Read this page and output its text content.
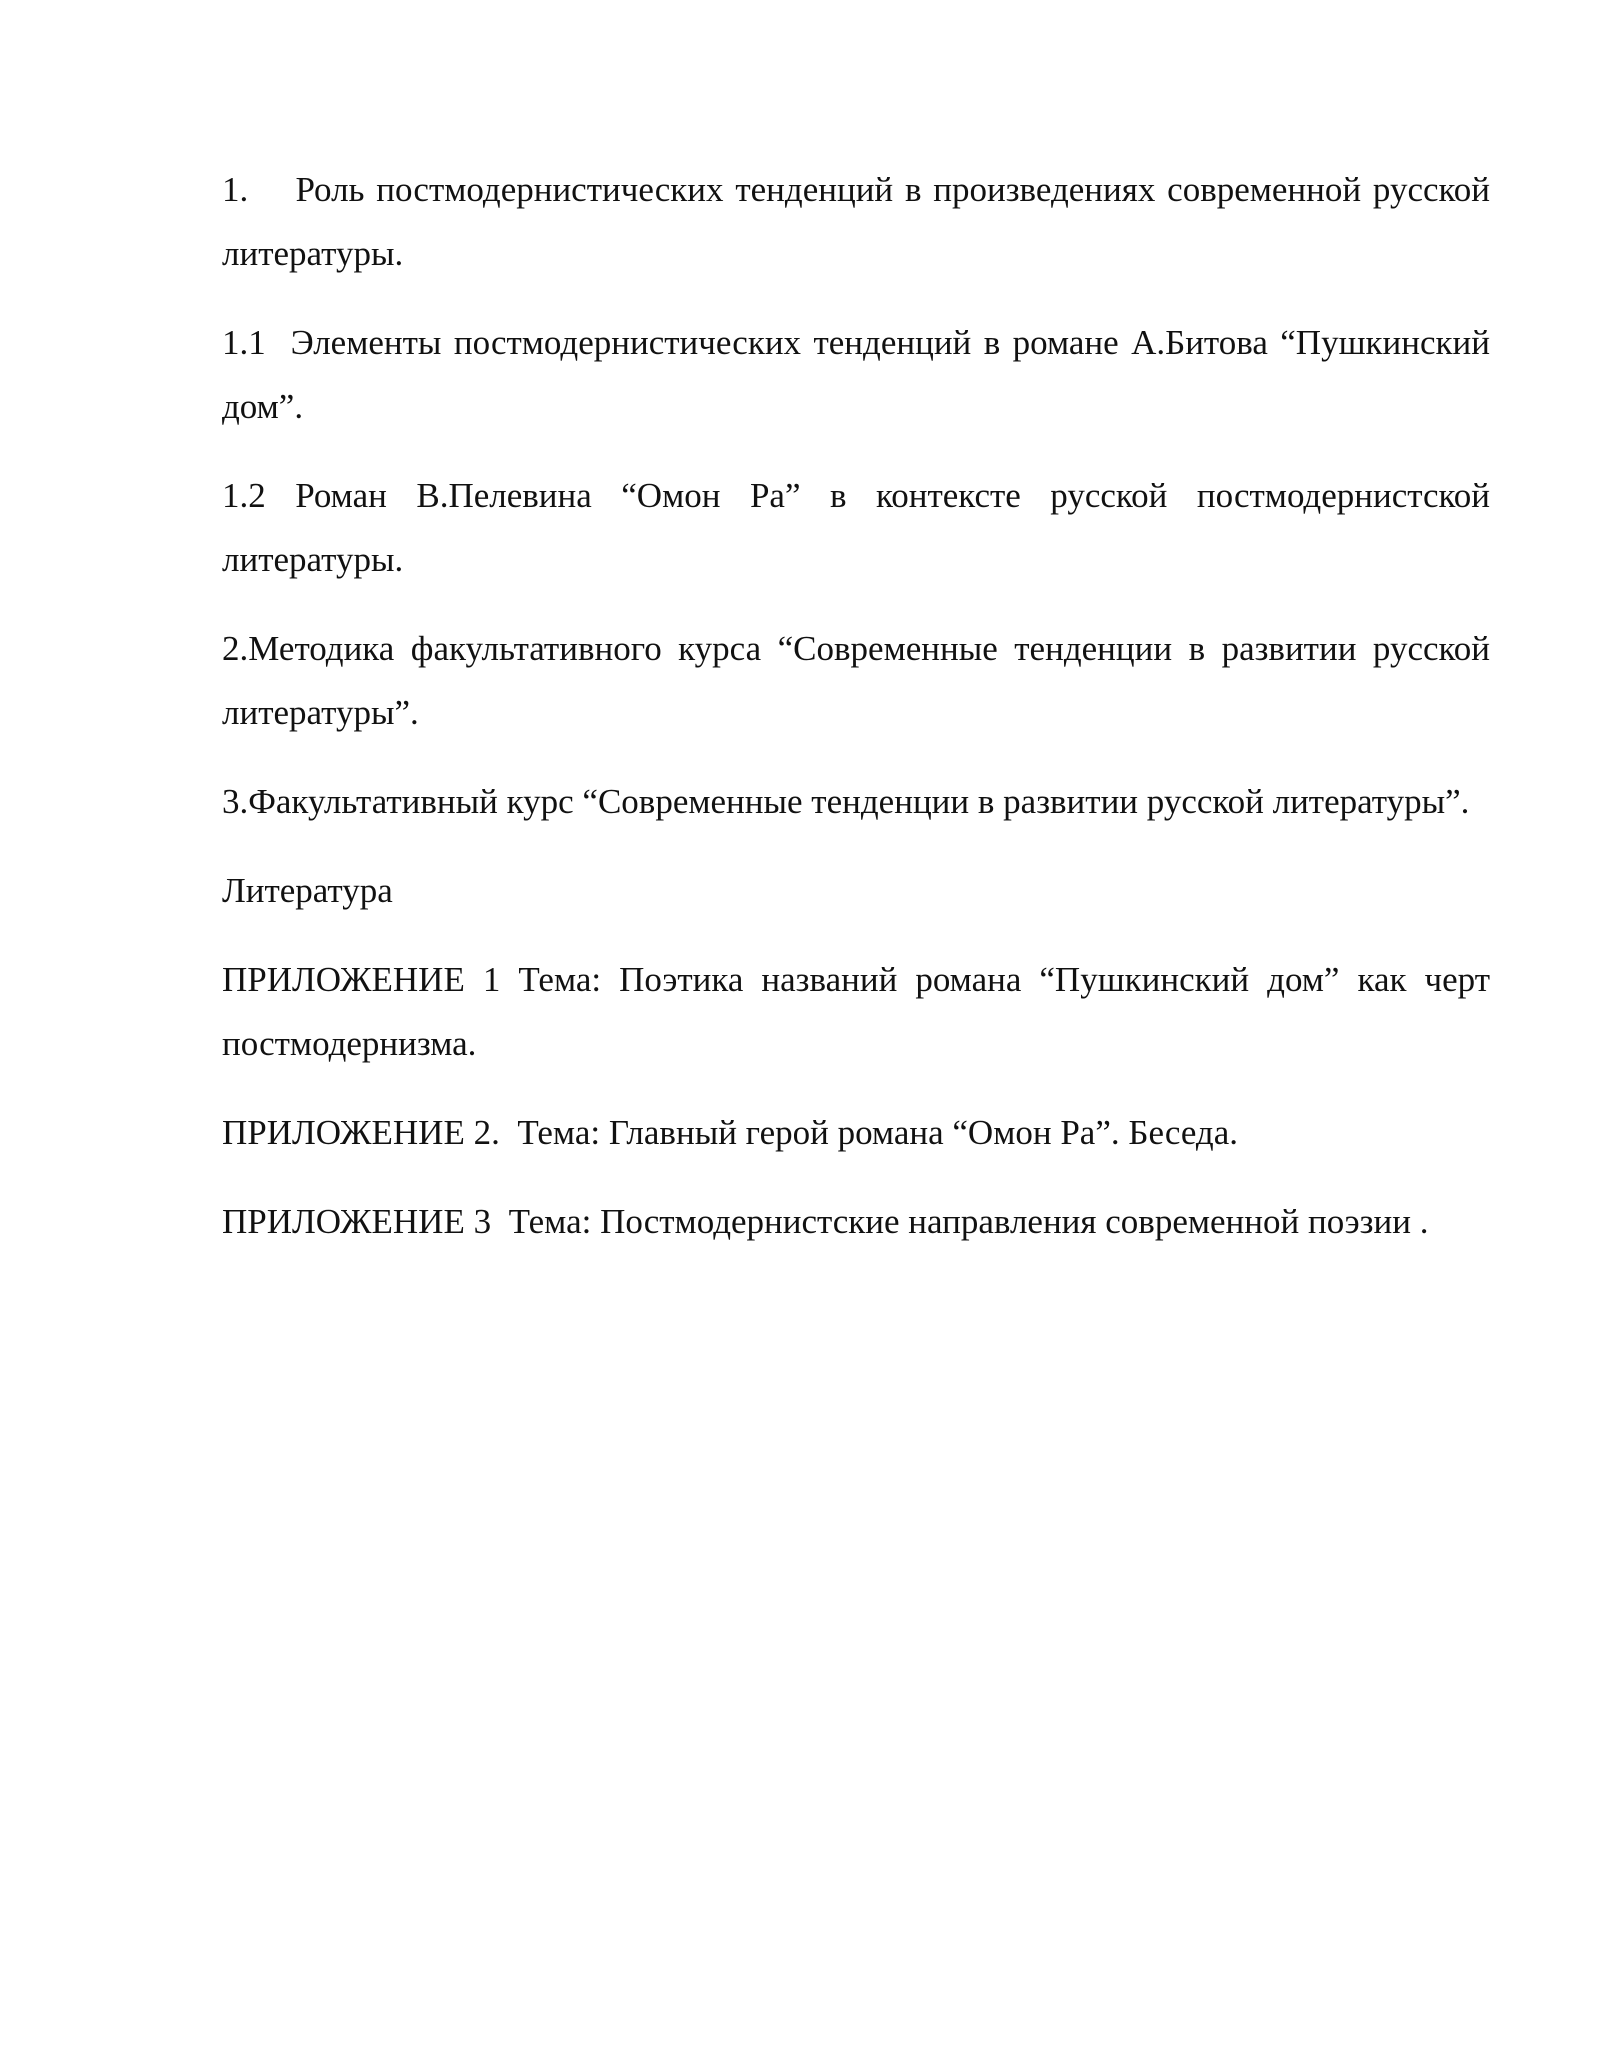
1.    Роль постмодернистических тенденций в произведениях современной русской литературы.

1.1  Элементы постмодернистических тенденций в романе А.Битова “Пушкинский дом”.

1.2 Роман В.Пелевина “Омон Ра” в контексте русской постмодернистской литературы.

2.Методика факультативного курса “Современные тенденции в развитии русской литературы”.

3.Факультативный курс “Современные тенденции в развитии русской литературы”.

Литература

ПРИЛОЖЕНИЕ 1 Тема: Поэтика названий романа “Пушкинский дом” как черт постмодернизма.

ПРИЛОЖЕНИЕ 2.  Тема: Главный герой романа “Омон Ра”. Беседа.

ПРИЛОЖЕНИЕ 3  Тема: Постмодернистские направления современной поэзии .
